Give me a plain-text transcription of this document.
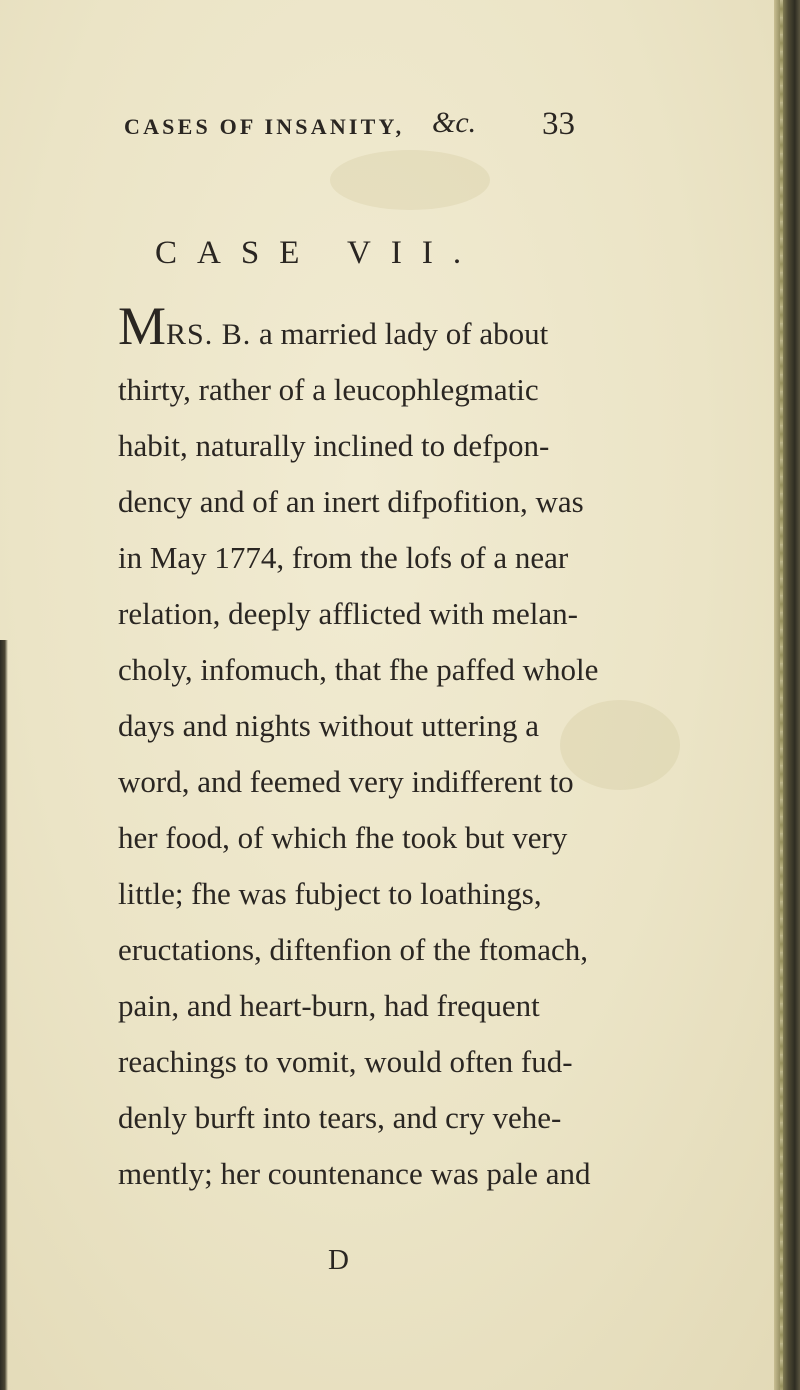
CASES OF INSANITY, &c. 33
CASE VII.
MRS. B. a married lady of about
thirty, rather of a leucophlegmatic
habit, naturally inclined to defpon-
dency and of an inert difpofition, was
in May 1774, from the lofs of a near
relation, deeply afflicted with melan-
choly, infomuch, that fhe paffed whole
days and nights without uttering a
word, and feemed very indifferent to
her food, of which fhe took but very
little; fhe was fubject to loathings,
eructations, diftenfion of the ftomach,
pain, and heart-burn, had frequent
reachings to vomit, would often fud-
denly burft into tears, and cry vehe-
mently; her countenance was pale and
D
